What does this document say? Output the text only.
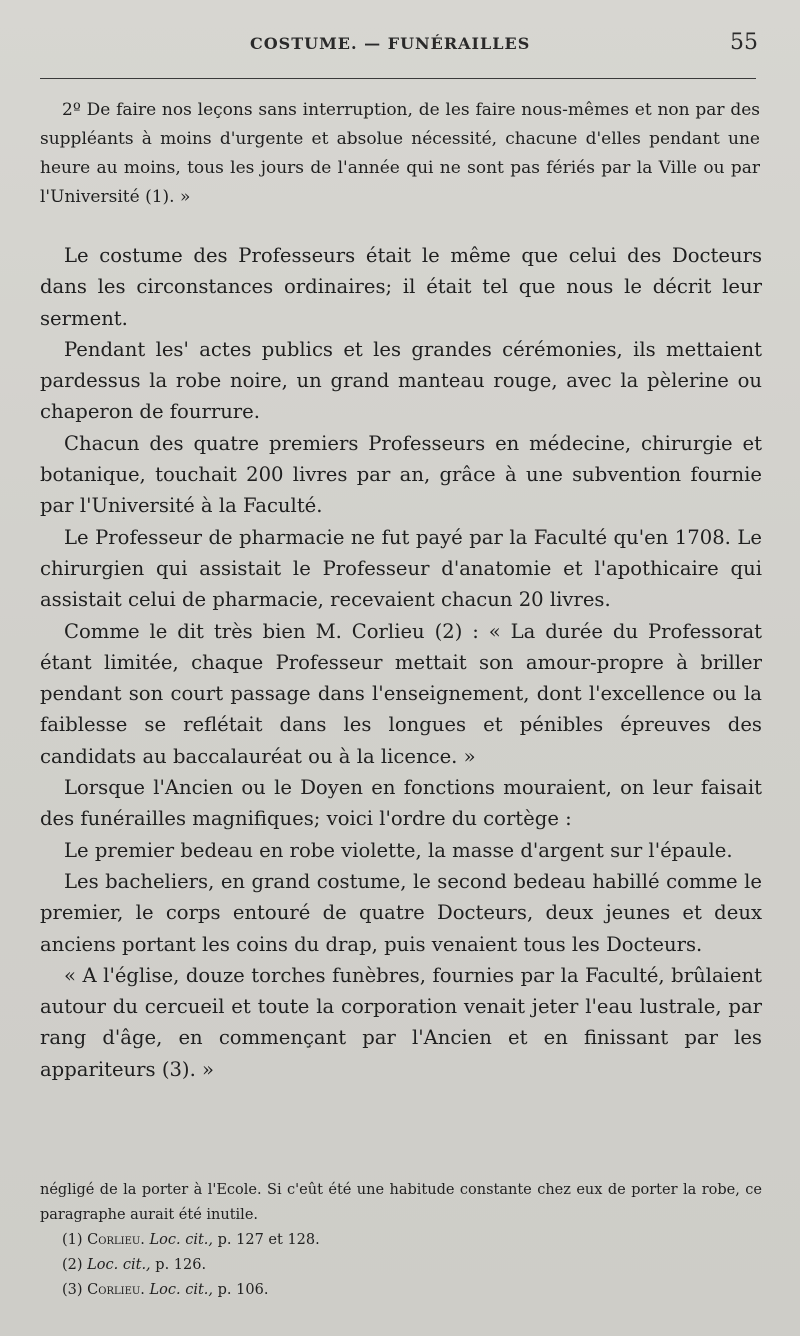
COSTUME. — FUNÉRAILLES	55

2º De faire nos leçons sans interruption, de les faire nous-mêmes et non par des suppléants à moins d'urgente et absolue nécessité, chacune d'elles pendant une heure au moins, tous les jours de l'année qui ne sont pas fériés par la Ville ou par l'Université (1). »

Le costume des Professeurs était le même que celui des Docteurs dans les circonstances ordinaires; il était tel que nous le décrit leur serment.

Pendant les' actes publics et les grandes cérémonies, ils mettaient pardessus la robe noire, un grand manteau rouge, avec la pèlerine ou chaperon de fourrure.

Chacun des quatre premiers Professeurs en médecine, chirurgie et botanique, touchait 200 livres par an, grâce à une subvention fournie par l'Université à la Faculté.

Le Professeur de pharmacie ne fut payé par la Faculté qu'en 1708. Le chirurgien qui assistait le Professeur d'anatomie et l'apothicaire qui assistait celui de pharmacie, recevaient chacun 20 livres.

Comme le dit très bien M. Corlieu (2) : « La durée du Professorat étant limitée, chaque Professeur mettait son amour-propre à briller pendant son court passage dans l'enseignement, dont l'excellence ou la faiblesse se reflétait dans les longues et pénibles épreuves des candidats au baccalauréat ou à la licence. »

Lorsque l'Ancien ou le Doyen en fonctions mouraient, on leur faisait des funérailles magnifiques; voici l'ordre du cortège :

Le premier bedeau en robe violette, la masse d'argent sur l'épaule.

Les bacheliers, en grand costume, le second bedeau habillé comme le premier, le corps entouré de quatre Docteurs, deux jeunes et deux anciens portant les coins du drap, puis venaient tous les Docteurs.

« A l'église, douze torches funèbres, fournies par la Faculté, brûlaient autour du cercueil et toute la corporation venait jeter l'eau lustrale, par rang d'âge, en commençant par l'Ancien et en finissant par les appariteurs (3). »

négligé de la porter à l'Ecole. Si c'eût été une habitude constante chez eux de porter la robe, ce paragraphe aurait été inutile.

(1) Corlieu. Loc. cit., p. 127 et 128.

(2) Loc. cit., p. 126.

(3) Corlieu. Loc. cit., p. 106.
